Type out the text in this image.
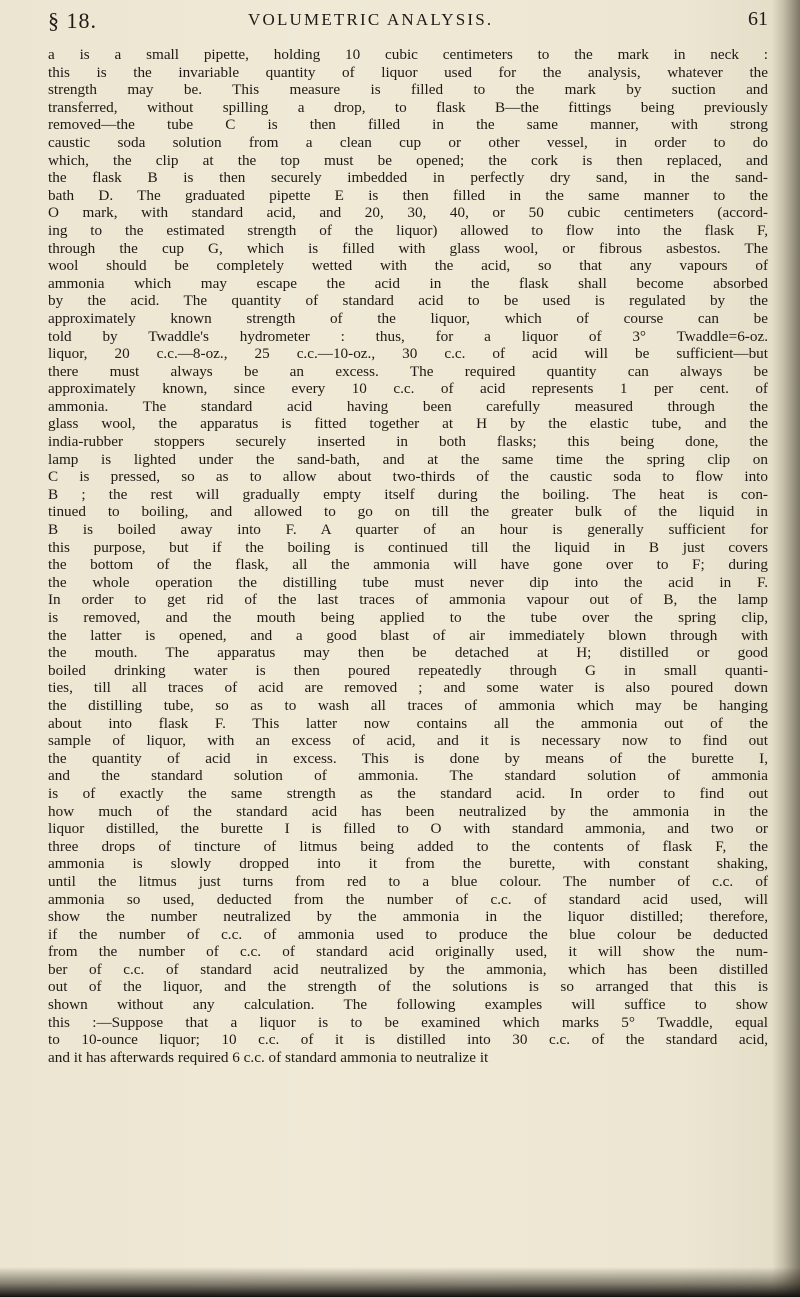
§ 18.	VOLUMETRIC ANALYSIS.	61
a is a small pipette, holding 10 cubic centimeters to the mark in neck :
this is the invariable quantity of liquor used for the analysis, whatever the
strength may be. This measure is filled to the mark by suction and
transferred, without spilling a drop, to flask B—the fittings being previously
removed—the tube C is then filled in the same manner, with strong
caustic soda solution from a clean cup or other vessel, in order to do
which, the clip at the top must be opened; the cork is then replaced, and
the flask B is then securely imbedded in perfectly dry sand, in the sand-
bath D. The graduated pipette E is then filled in the same manner to the
O mark, with standard acid, and 20, 30, 40, or 50 cubic centimeters (accord-
ing to the estimated strength of the liquor) allowed to flow into the flask F,
through the cup G, which is filled with glass wool, or fibrous asbestos. The
wool should be completely wetted with the acid, so that any vapours of
ammonia which may escape the acid in the flask shall become absorbed
by the acid. The quantity of standard acid to be used is regulated by the
approximately known strength of the liquor, which of course can be
told by Twaddle's hydrometer : thus, for a liquor of 3° Twaddle=6-oz.
liquor, 20 c.c.—8-oz., 25 c.c.—10-oz., 30 c.c. of acid will be sufficient—but
there must always be an excess. The required quantity can always be
approximately known, since every 10 c.c. of acid represents 1 per cent. of
ammonia. The standard acid having been carefully measured through the
glass wool, the apparatus is fitted together at H by the elastic tube, and the
india-rubber stoppers securely inserted in both flasks; this being done, the
lamp is lighted under the sand-bath, and at the same time the spring clip on
C is pressed, so as to allow about two-thirds of the caustic soda to flow into
B ; the rest will gradually empty itself during the boiling. The heat is con-
tinued to boiling, and allowed to go on till the greater bulk of the liquid in
B is boiled away into F. A quarter of an hour is generally sufficient for
this purpose, but if the boiling is continued till the liquid in B just covers
the bottom of the flask, all the ammonia will have gone over to F; during
the whole operation the distilling tube must never dip into the acid in F.
In order to get rid of the last traces of ammonia vapour out of B, the lamp
is removed, and the mouth being applied to the tube over the spring clip,
the latter is opened, and a good blast of air immediately blown through with
the mouth. The apparatus may then be detached at H; distilled or good
boiled drinking water is then poured repeatedly through G in small quanti-
ties, till all traces of acid are removed ; and some water is also poured down
the distilling tube, so as to wash all traces of ammonia which may be hanging
about into flask F. This latter now contains all the ammonia out of the
sample of liquor, with an excess of acid, and it is necessary now to find out
the quantity of acid in excess. This is done by means of the burette I,
and the standard solution of ammonia. The standard solution of ammonia
is of exactly the same strength as the standard acid. In order to find out
how much of the standard acid has been neutralized by the ammonia in the
liquor distilled, the burette I is filled to O with standard ammonia, and two or
three drops of tincture of litmus being added to the contents of flask F, the
ammonia is slowly dropped into it from the burette, with constant shaking,
until the litmus just turns from red to a blue colour. The number of c.c. of
ammonia so used, deducted from the number of c.c. of standard acid used, will
show the number neutralized by the ammonia in the liquor distilled; therefore,
if the number of c.c. of ammonia used to produce the blue colour be deducted
from the number of c.c. of standard acid originally used, it will show the num-
ber of c.c. of standard acid neutralized by the ammonia, which has been distilled
out of the liquor, and the strength of the solutions is so arranged that this is
shown without any calculation. The following examples will suffice to show
this :—Suppose that a liquor is to be examined which marks 5° Twaddle, equal
to 10-ounce liquor; 10 c.c. of it is distilled into 30 c.c. of the standard acid,
and it has afterwards required 6 c.c. of standard ammonia to neutralize it
